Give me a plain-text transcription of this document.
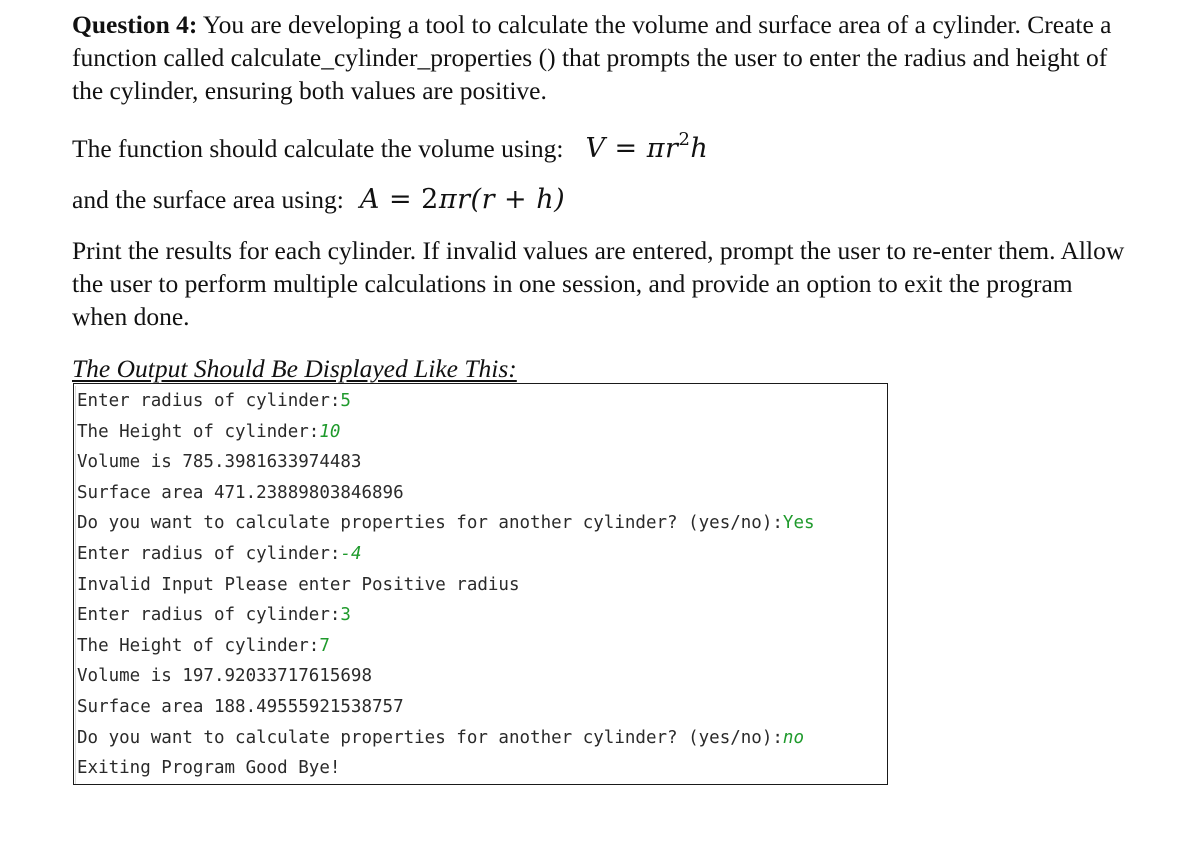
Question 4: You are developing a tool to calculate the volume and surface area of a cylinder. Create a function called calculate_cylinder_properties () that prompts the user to enter the radius and height of the cylinder, ensuring both values are positive.

The function should calculate the volume using: $V = \pi r^2h$
and the surface area using: A = 2πr(r + h)

Print the results for each cylinder. If invalid values are entered, prompt the user to re-enter them. Allow the user to perform multiple calculations in one session, and provide an option to exit the program when done.

The Output Should Be Displayed Like This:
Enter radius of cylinder:5
The Height of cylinder:10
Volume is 785.3981633974483
Surface area 471.23889803846896
Do you want to calculate properties for another cylinder? (yes/no):Yes
Enter radius of cylinder:-4
Invalid Input Please enter Positive radius
Enter radius of cylinder:3
The Height of cylinder:7
Volume is 197.92033717615698
Surface area 188.49555921538757
Do you want to calculate properties for another cylinder? (yes/no):no
Exiting Program Good Bye!
